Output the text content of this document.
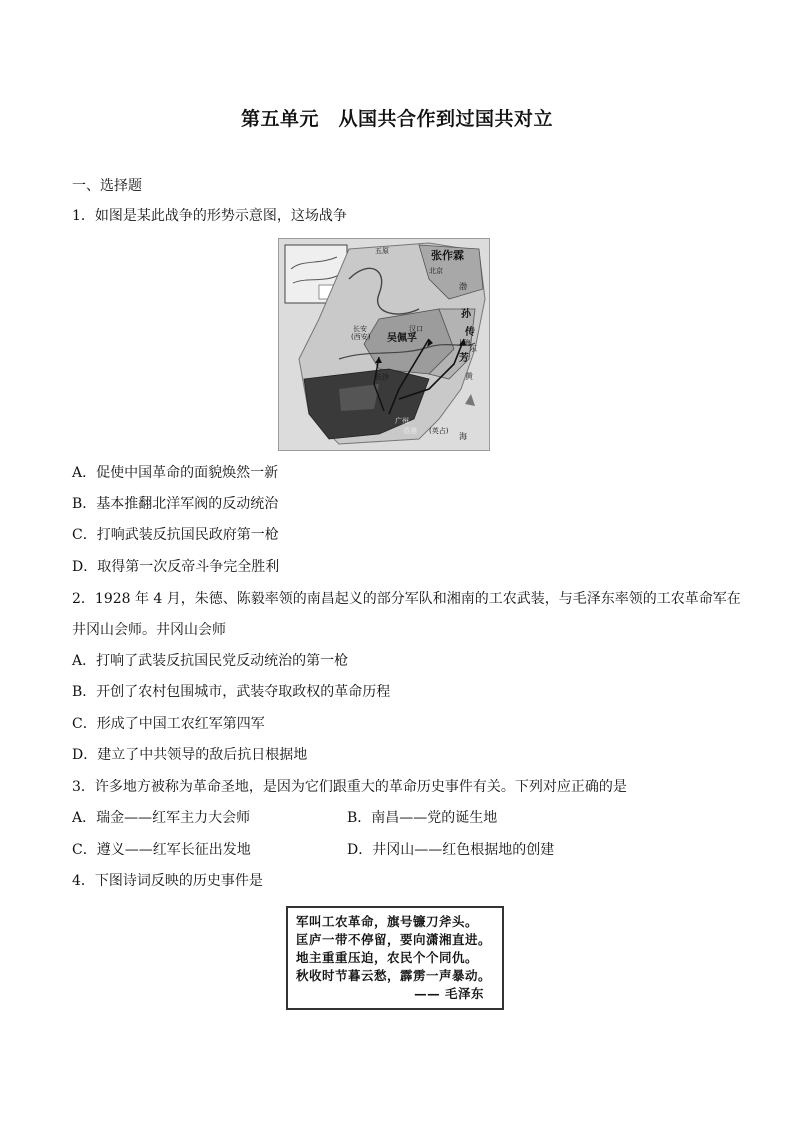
第五单元　从国共合作到过国共对立
一、选择题
1．如图是某此战争的形势示意图，这场战争
张作霖
五原
吴佩孚
孙
传
芳
长安
(西安)
上海
广州
香港 (英占)
北京
渤
黄
海
东
汉口
长沙
A．促使中国革命的面貌焕然一新
B．基本推翻北洋军阀的反动统治
C．打响武装反抗国民政府第一枪
D．取得第一次反帝斗争完全胜利
2．1928 年 4 月，朱德、陈毅率领的南昌起义的部分军队和湘南的工农武装，与毛泽东率领的工农革命军在
井冈山会师。井冈山会师
A．打响了武装反抗国民党反动统治的第一枪
B．开创了农村包围城市，武装夺取政权的革命历程
C．形成了中国工农红军第四军
D．建立了中共领导的敌后抗日根据地
3．许多地方被称为革命圣地，是因为它们跟重大的革命历史事件有关。下列对应正确的是
A．瑞金——红军主力大会师	B．南昌——党的诞生地
C．遵义——红军长征出发地	D．井冈山——红色根据地的创建
4．下图诗词反映的历史事件是
军叫工农革命，旗号镰刀斧头。
匡庐一带不停留，要向潇湘直进。
地主重重压迫，农民个个同仇。
秋收时节暮云愁，霹雳一声暴动。
—— 毛泽东
